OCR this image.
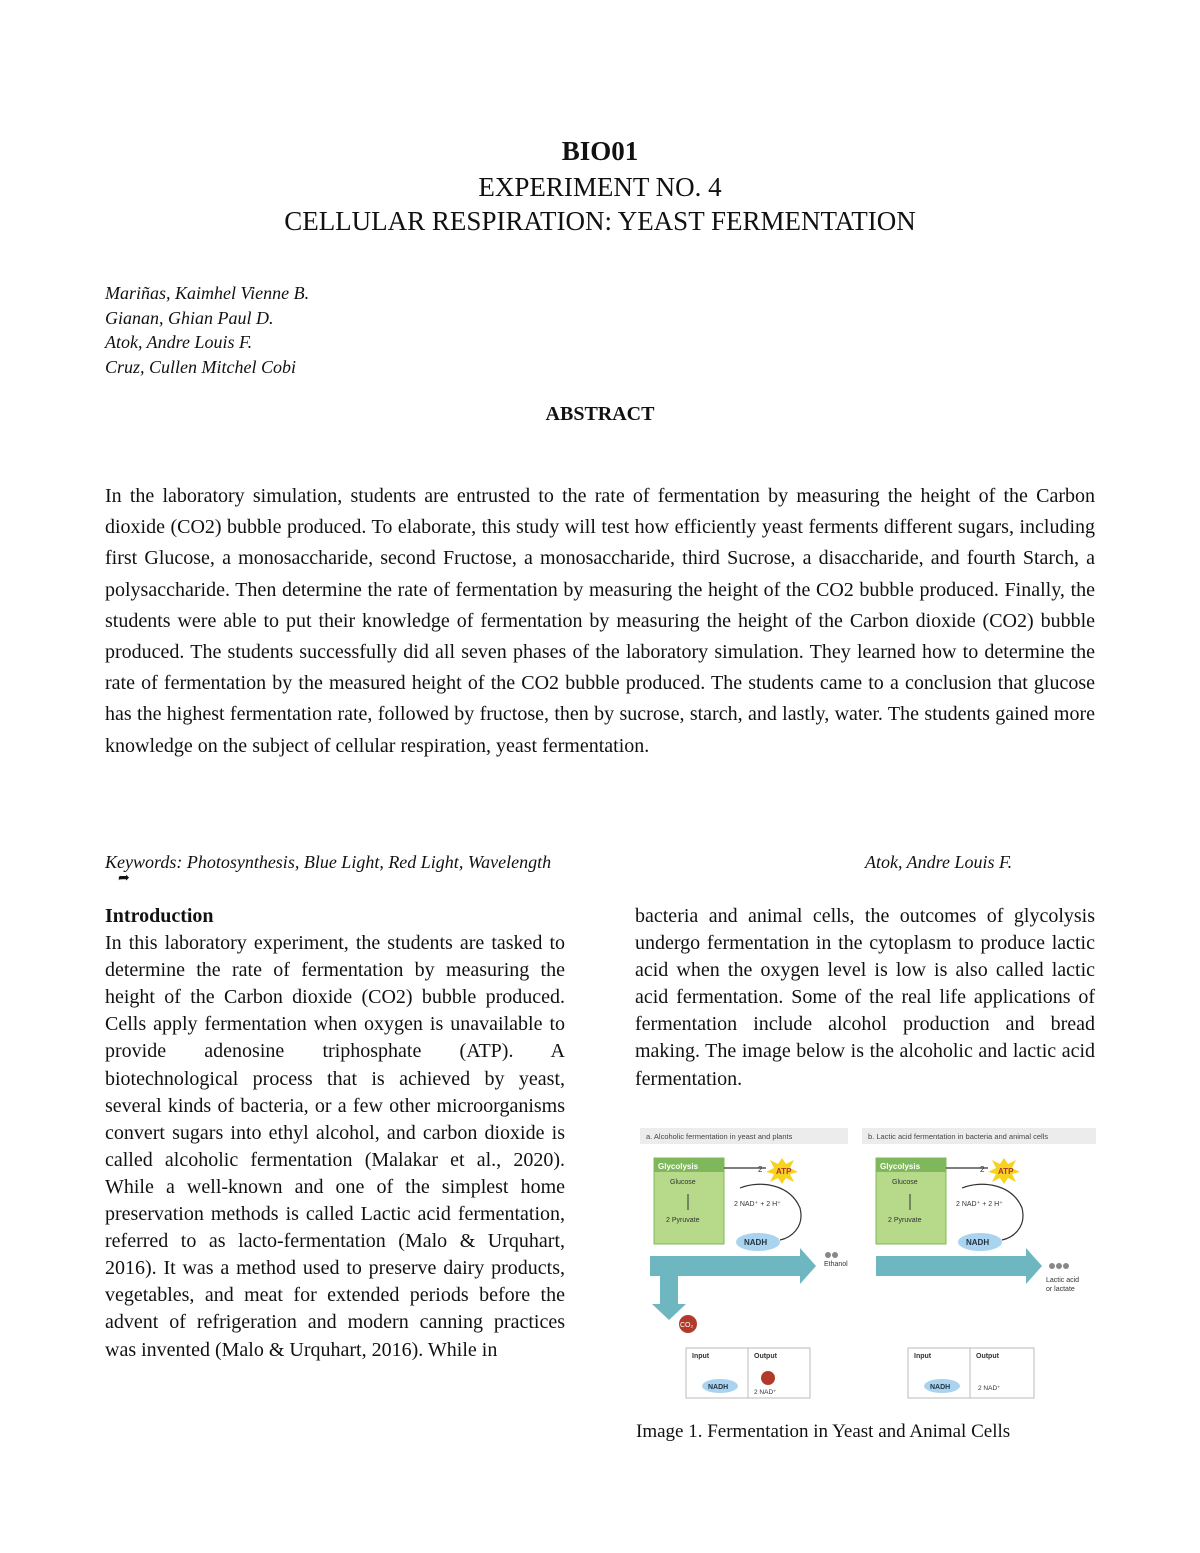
BIO01
EXPERIMENT NO. 4
CELLULAR RESPIRATION: YEAST FERMENTATION
Mariñas, Kaimhel Vienne B.
Gianan, Ghian Paul D.
Atok, Andre Louis F.
Cruz, Cullen Mitchel Cobi
ABSTRACT
In the laboratory simulation, students are entrusted to the rate of fermentation by measuring the height of the Carbon dioxide (CO2) bubble produced. To elaborate, this study will test how efficiently yeast ferments different sugars, including first Glucose, a monosaccharide, second Fructose, a monosaccharide, third Sucrose, a disaccharide, and fourth Starch, a polysaccharide. Then determine the rate of fermentation by measuring the height of the CO2 bubble produced. Finally, the students were able to put their knowledge of fermentation by measuring the height of the Carbon dioxide (CO2) bubble produced. The students successfully did all seven phases of the laboratory simulation. They learned how to determine the rate of fermentation by the measured height of the CO2 bubble produced. The students came to a conclusion that glucose has the highest fermentation rate, followed by fructose, then by sucrose, starch, and lastly, water. The students gained more knowledge on the subject of cellular respiration, yeast fermentation.
Keywords: Photosynthesis, Blue Light, Red Light, Wavelength	Atok, Andre Louis F.
➦
Introduction
In this laboratory experiment, the students are tasked to determine the rate of fermentation by measuring the height of the Carbon dioxide (CO2) bubble produced. Cells apply fermentation when oxygen is unavailable to provide adenosine triphosphate (ATP). A biotechnological process that is achieved by yeast, several kinds of bacteria, or a few other microorganisms convert sugars into ethyl alcohol, and carbon dioxide is called alcoholic fermentation (Malakar et al., 2020). While a well-known and one of the simplest home preservation methods is called Lactic acid fermentation, referred to as lacto-fermentation (Malo & Urquhart, 2016). It was a method used to preserve dairy products, vegetables, and meat for extended periods before the advent of refrigeration and modern canning practices was invented (Malo & Urquhart, 2016). While in
bacteria and animal cells, the outcomes of glycolysis undergo fermentation in the cytoplasm to produce lactic acid when the oxygen level is low is also called lactic acid fermentation. Some of the real life applications of fermentation include alcohol production and bread making. The image below is the alcoholic and lactic acid fermentation.
a. Alcoholic fermentation in yeast and plants	b. Lactic acid fermentation in bacteria and animal cells
Glycolysis
Glucose
2 Pyruvate
ATP
2
2 NAD⁺ + 2 H⁺
NADH
Ethanol
CO₂
Input	Output
NADH
2 NAD⁺
Glycolysis
Glucose
2 Pyruvate
ATP
2
2 NAD⁺ + 2 H⁺
NADH
Lactic acid
or lactate
Input	Output
NADH	2 NAD⁺
Image 1. Fermentation in Yeast and Animal Cells
